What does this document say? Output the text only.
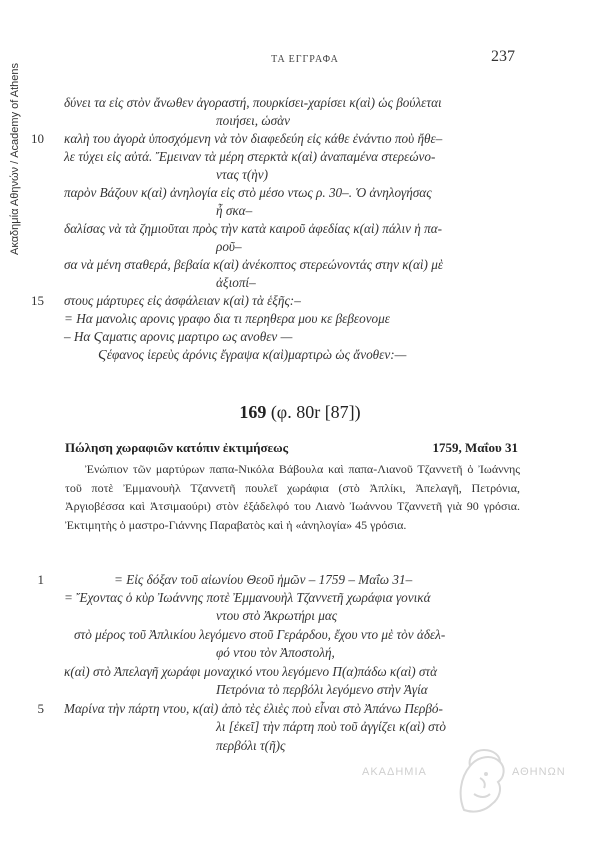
Ακαδημία Αθηνών / Academy of Athens
ΤΑ ΕΓΓΡΑΦΑ	237
δύνει τα εἰς στὸν ἄνωθεν ἀγοραστή, πουρκίσει-χαρίσει κ(αὶ) ὡς βούλεται
ποιήσει, ὡσὰν
10 καλὴ του ἀγορὰ ὑποσχόμενη νὰ τὸν διαφεδεύη εἰς κάθε ἐνάντιο ποὺ ἤθε–
λε τύχει εἰς αὐτά. Ἔμειναν τὰ μέρη στερκτὰ κ(αὶ) ἀναπαμένα στερεώνο-
ντας τ(ὴν)
παρὸν Βάζουν κ(αὶ) ἀνηλογία εἰς στὸ μέσο ντως ρ. 30–. Ὁ ἀνηλογήσας
ἦ σκα–
δαλίσας νὰ τὰ ζημιοῦται πρὸς τὴν κατὰ καιροῦ ἀφεδίας κ(αὶ) πάλιν ἡ πα-
ροῦ–
σα νὰ μένη σταθερά, βεβαία κ(αὶ) ἀνέκοπτος στερεώνοντάς στην κ(αὶ) μὲ
ἀξιοπί–
15 στους μάρτυρες εἰς ἀσφάλειαν κ(αὶ) τὰ ἑξῆς:–
= Ηα μανολις αρονις γραφο δια τι περηθερα μου κε βεβεονομε
– Ηα Ϛαματις αρονις μαρτιρο ως ανοθεν —
Ϛέφανος ἱερεὺς ἀρόνις ἔγραψα κ(αὶ)μαρτιρὼ ὡς ἄνοθεν:—
169 (φ. 80r [87])
Πώληση χωραφιῶν κατόπιν ἐκτιμήσεως	1759, Μαΐου 31
Ἐνώπιον τῶν μαρτύρων παπα-Νικόλα Βάβουλα καὶ παπα-Λιανοῦ Τζαννετῆ ὁ Ἰωάννης τοῦ ποτὲ Ἐμμανουὴλ Τζαννετῆ πουλεῖ χωράφια (στὸ Ἀπλίκι, Ἀπελαγῆ, Πετρόνια, Ἀργιοβέσσα καὶ Ἀτσιμαούρι) στὸν ἐξάδελφό του Λιανὸ Ἰωάννου Τζαννετῆ γιὰ 90 γρόσια. Ἐκτιμητὴς ὁ μαστρο-Γιάννης Παραβατὸς καὶ ἡ «ἀνηλογία» 45 γρόσια.
1	= Εἰς δόξαν τοῦ αἰωνίου Θεοῦ ἡμῶν – 1759 – Μαΐω 31–
= Ἔχοντας ὁ κὺρ Ἰωάννης ποτὲ Ἐμμανουὴλ Τζαννετῆ χωράφια γονικά
ντου στὸ Ἀκρωτήρι μας
στὸ μέρος τοῦ Ἀπλικίου λεγόμενο στοῦ Γεράρδου, ἔχου ντο μὲ τὸν ἀδελ-
φό ντου τὸν Ἀποστολή,
κ(αὶ) στὸ Ἀπελαγῆ χωράφι μοναχικό ντου λεγόμενο Π(α)πάδω κ(αὶ) στὰ
Πετρόνια τὸ περβόλι λεγόμενο στὴν Ἁγία
5 Μαρίνα τὴν πάρτη ντου, κ(αὶ) ἀπὸ τὲς ἐλιὲς ποὺ εἶναι στὸ Ἀπάνω Περβό-
λι [ἐκεῖ] τὴν πάρτη ποὺ τοῦ ἀγγίζει κ(αὶ) στὸ
περβόλι τ(ῆ)ς
ΑΚΑΔΗΜΙΑ	ΑΘΗΝΩΝ
